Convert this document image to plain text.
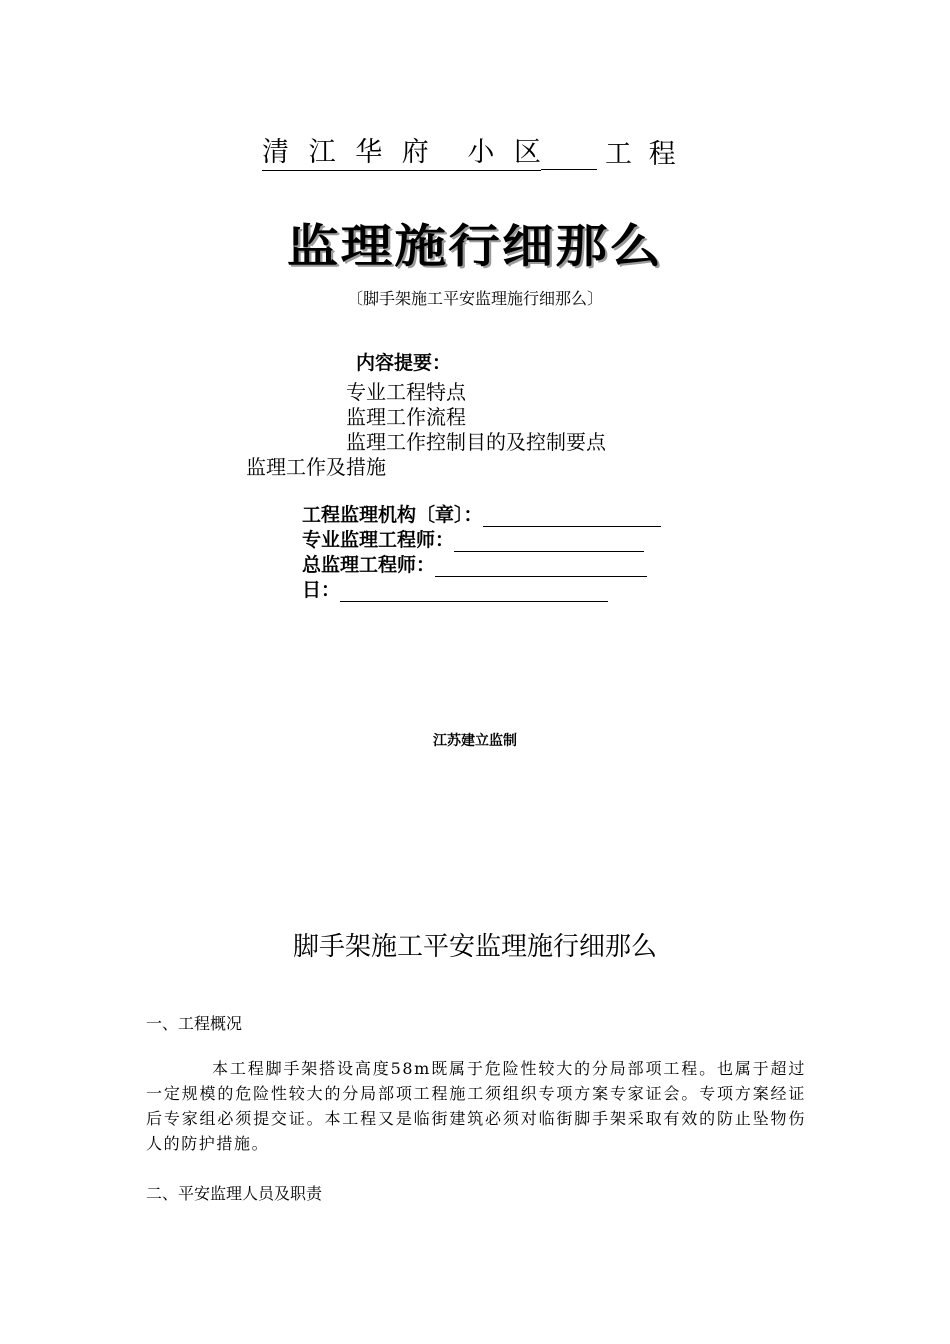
清 江 华 府 小 区 工 程
监理施行细那么
〔脚手架施工平安监理施行细那么〕
内容提要：
专业工程特点
监理工作流程
监理工作控制目的及控制要点
监理工作及措施
工程监理机构〔章〕：
专业监理工程师：
总监理工程师：
日：
江苏建立监制
脚手架施工平安监理施行细那么
一、工程概况
本工程脚手架搭设高度58m既属于危险性较大的分局部项工程。也属于超过一定规模的危险性较大的分局部项工程施工须组织专项方案专家证会。专项方案经证后专家组必须提交证。本工程又是临街建筑必须对临街脚手架采取有效的防止坠物伤人的防护措施。
二、平安监理人员及职责
